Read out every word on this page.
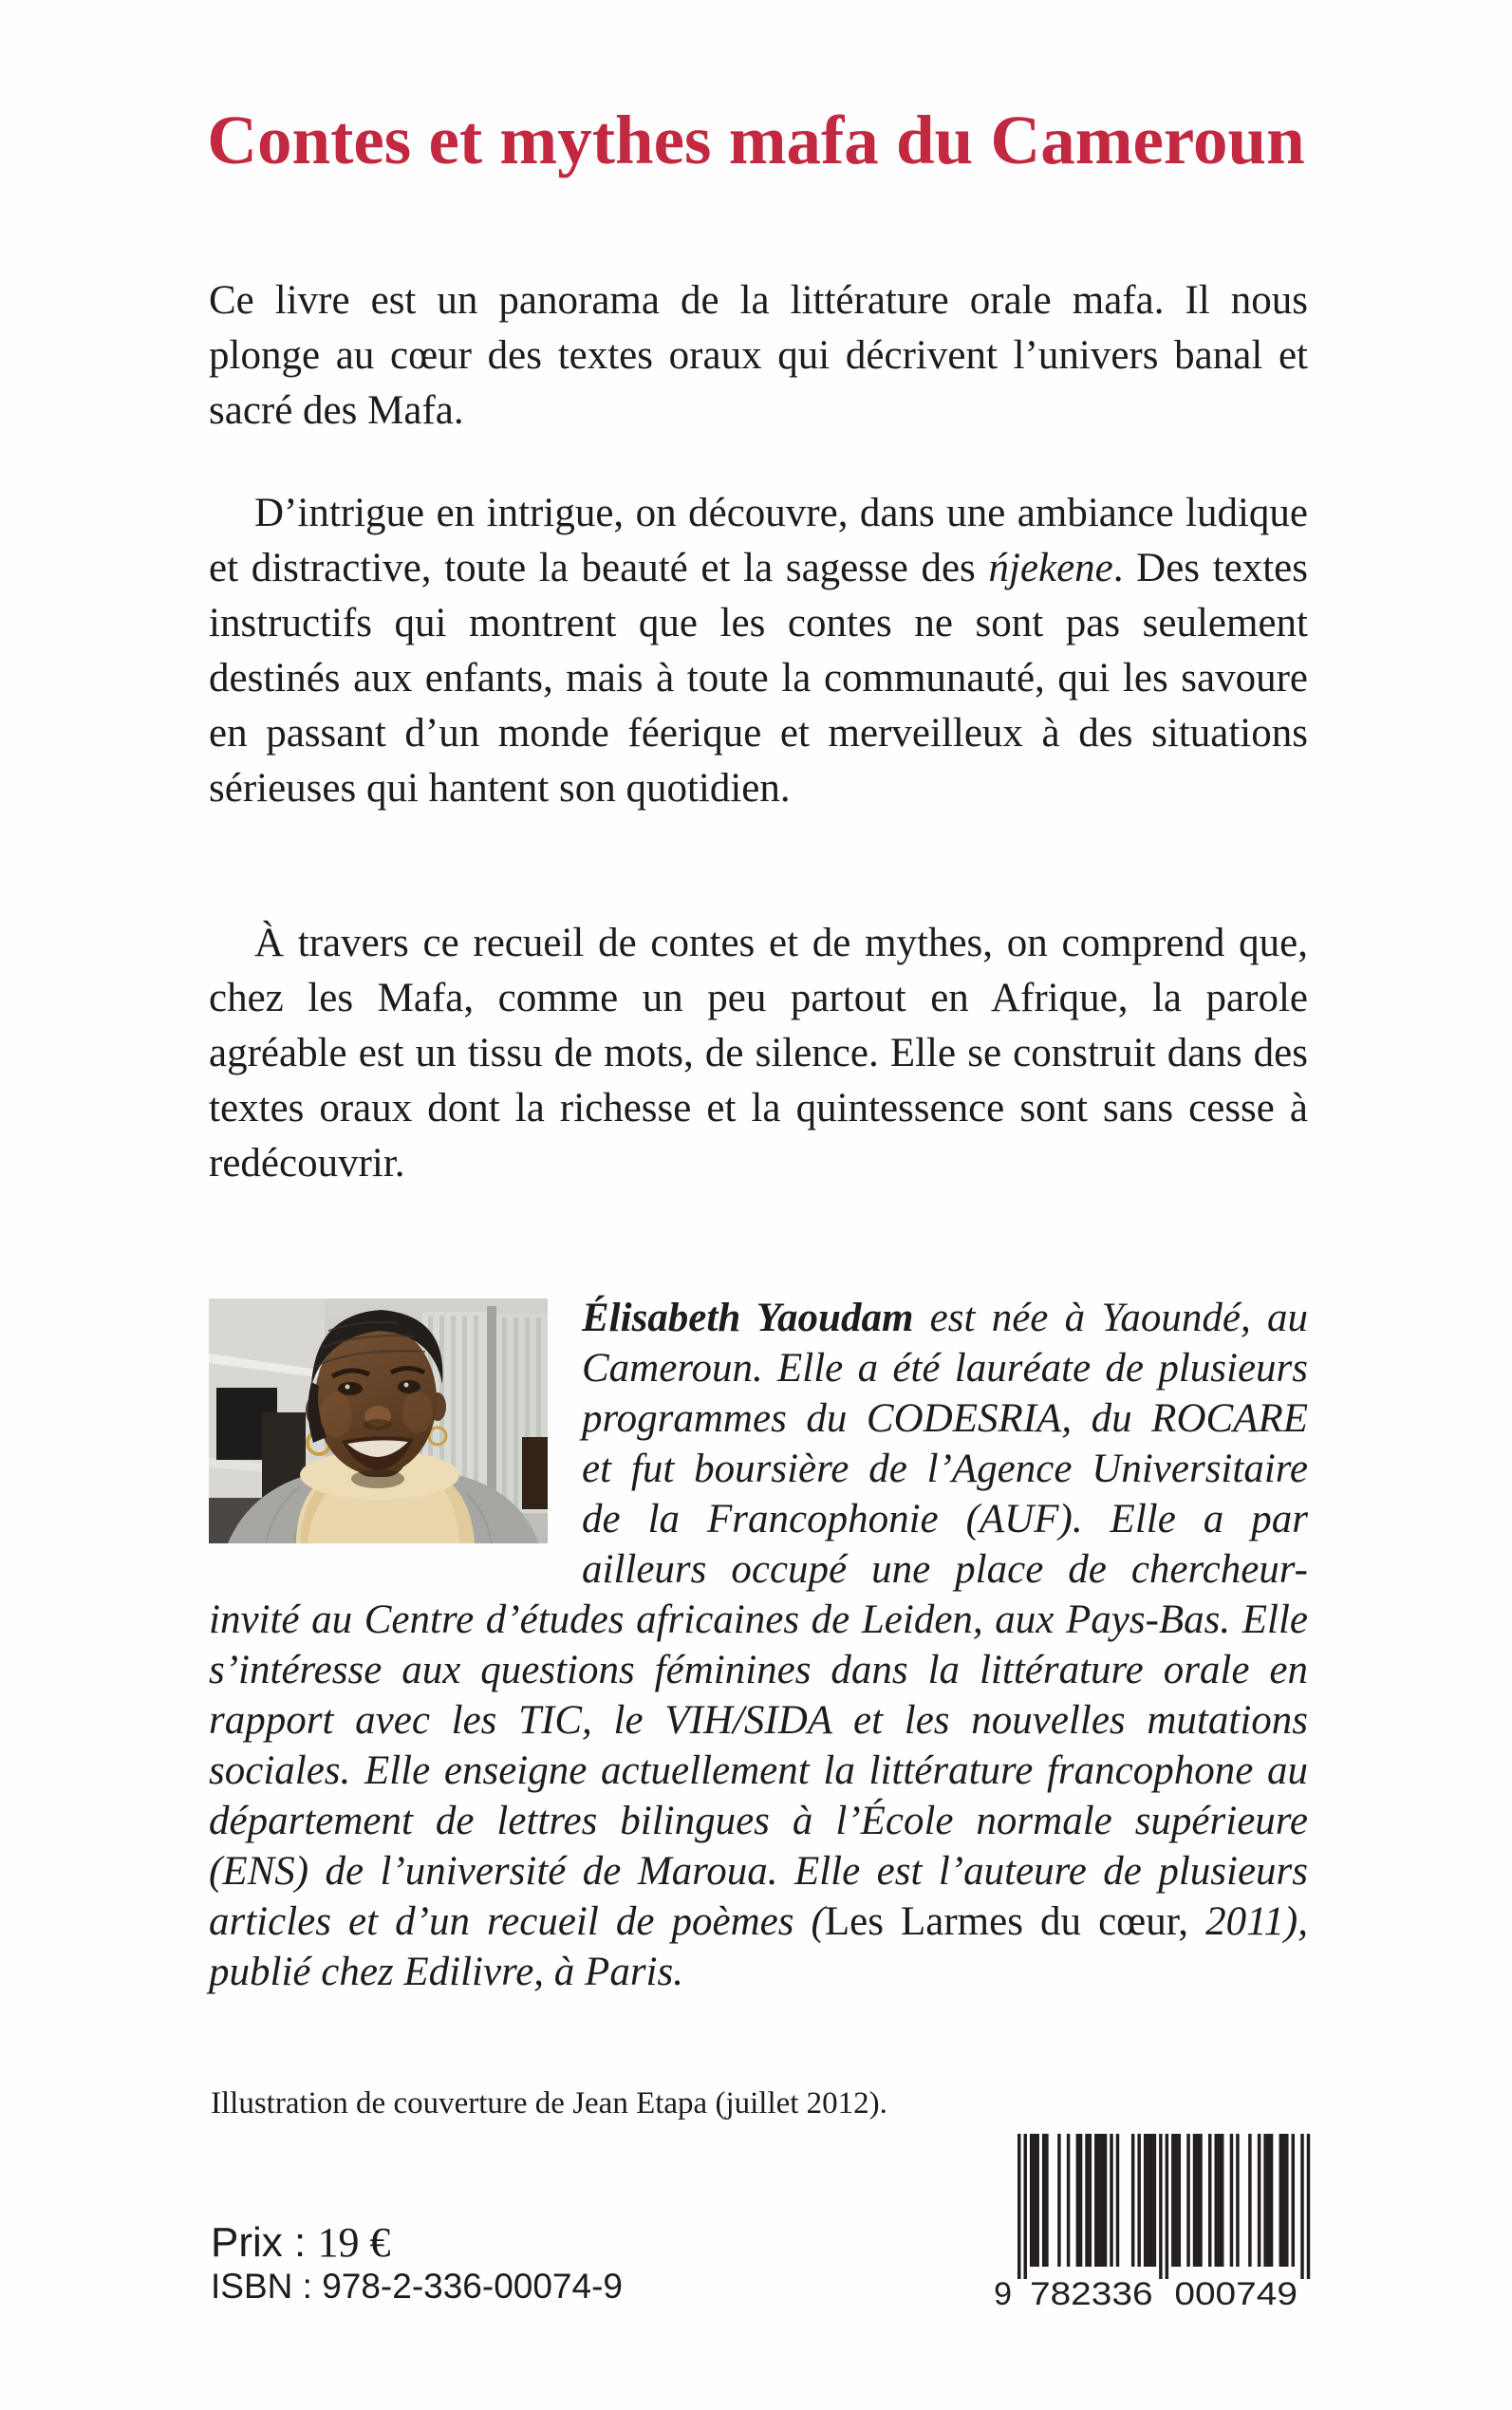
Contes et mythes mafa du Cameroun
Ce livre est un panorama de la littérature orale mafa. Il nous plonge au cœur des textes oraux qui décrivent l’univers banal et sacré des Mafa.
D’intrigue en intrigue, on découvre, dans une ambiance ludique et distractive, toute la beauté et la sagesse des ńjekene. Des textes instructifs qui montrent que les contes ne sont pas seulement destinés aux enfants, mais à toute la communauté, qui les savoure en passant d’un monde féerique et merveilleux à des situations sérieuses qui hantent son quotidien.
À travers ce recueil de contes et de mythes, on comprend que, chez les Mafa, comme un peu partout en Afrique, la parole agréable est un tissu de mots, de silence. Elle se construit dans des textes oraux dont la richesse et la quintessence sont sans cesse à redécouvrir.
Élisabeth Yaoudam est née à Yaoundé, au Cameroun. Elle a été lauréate de plusieurs programmes du CODESRIA, du ROCARE et fut boursière de l’Agence Universitaire de la Francophonie (AUF). Elle a par ailleurs occupé une place de chercheur-invité au Centre d’études africaines de Leiden, aux Pays-Bas. Elle s’intéresse aux questions féminines dans la littérature orale en rapport avec les TIC, le VIH/SIDA et les nouvelles mutations sociales. Elle enseigne actuellement la littérature francophone au département de lettres bilingues à l’École normale supérieure (ENS) de l’université de Maroua. Elle est l’auteure de plusieurs articles et d’un recueil de poèmes (Les Larmes du cœur, 2011), publié chez Edilivre, à Paris.
Illustration de couverture de Jean Etapa (juillet 2012).
Prix : 19 €
ISBN : 978-2-336-00074-9	9 782336 000749
